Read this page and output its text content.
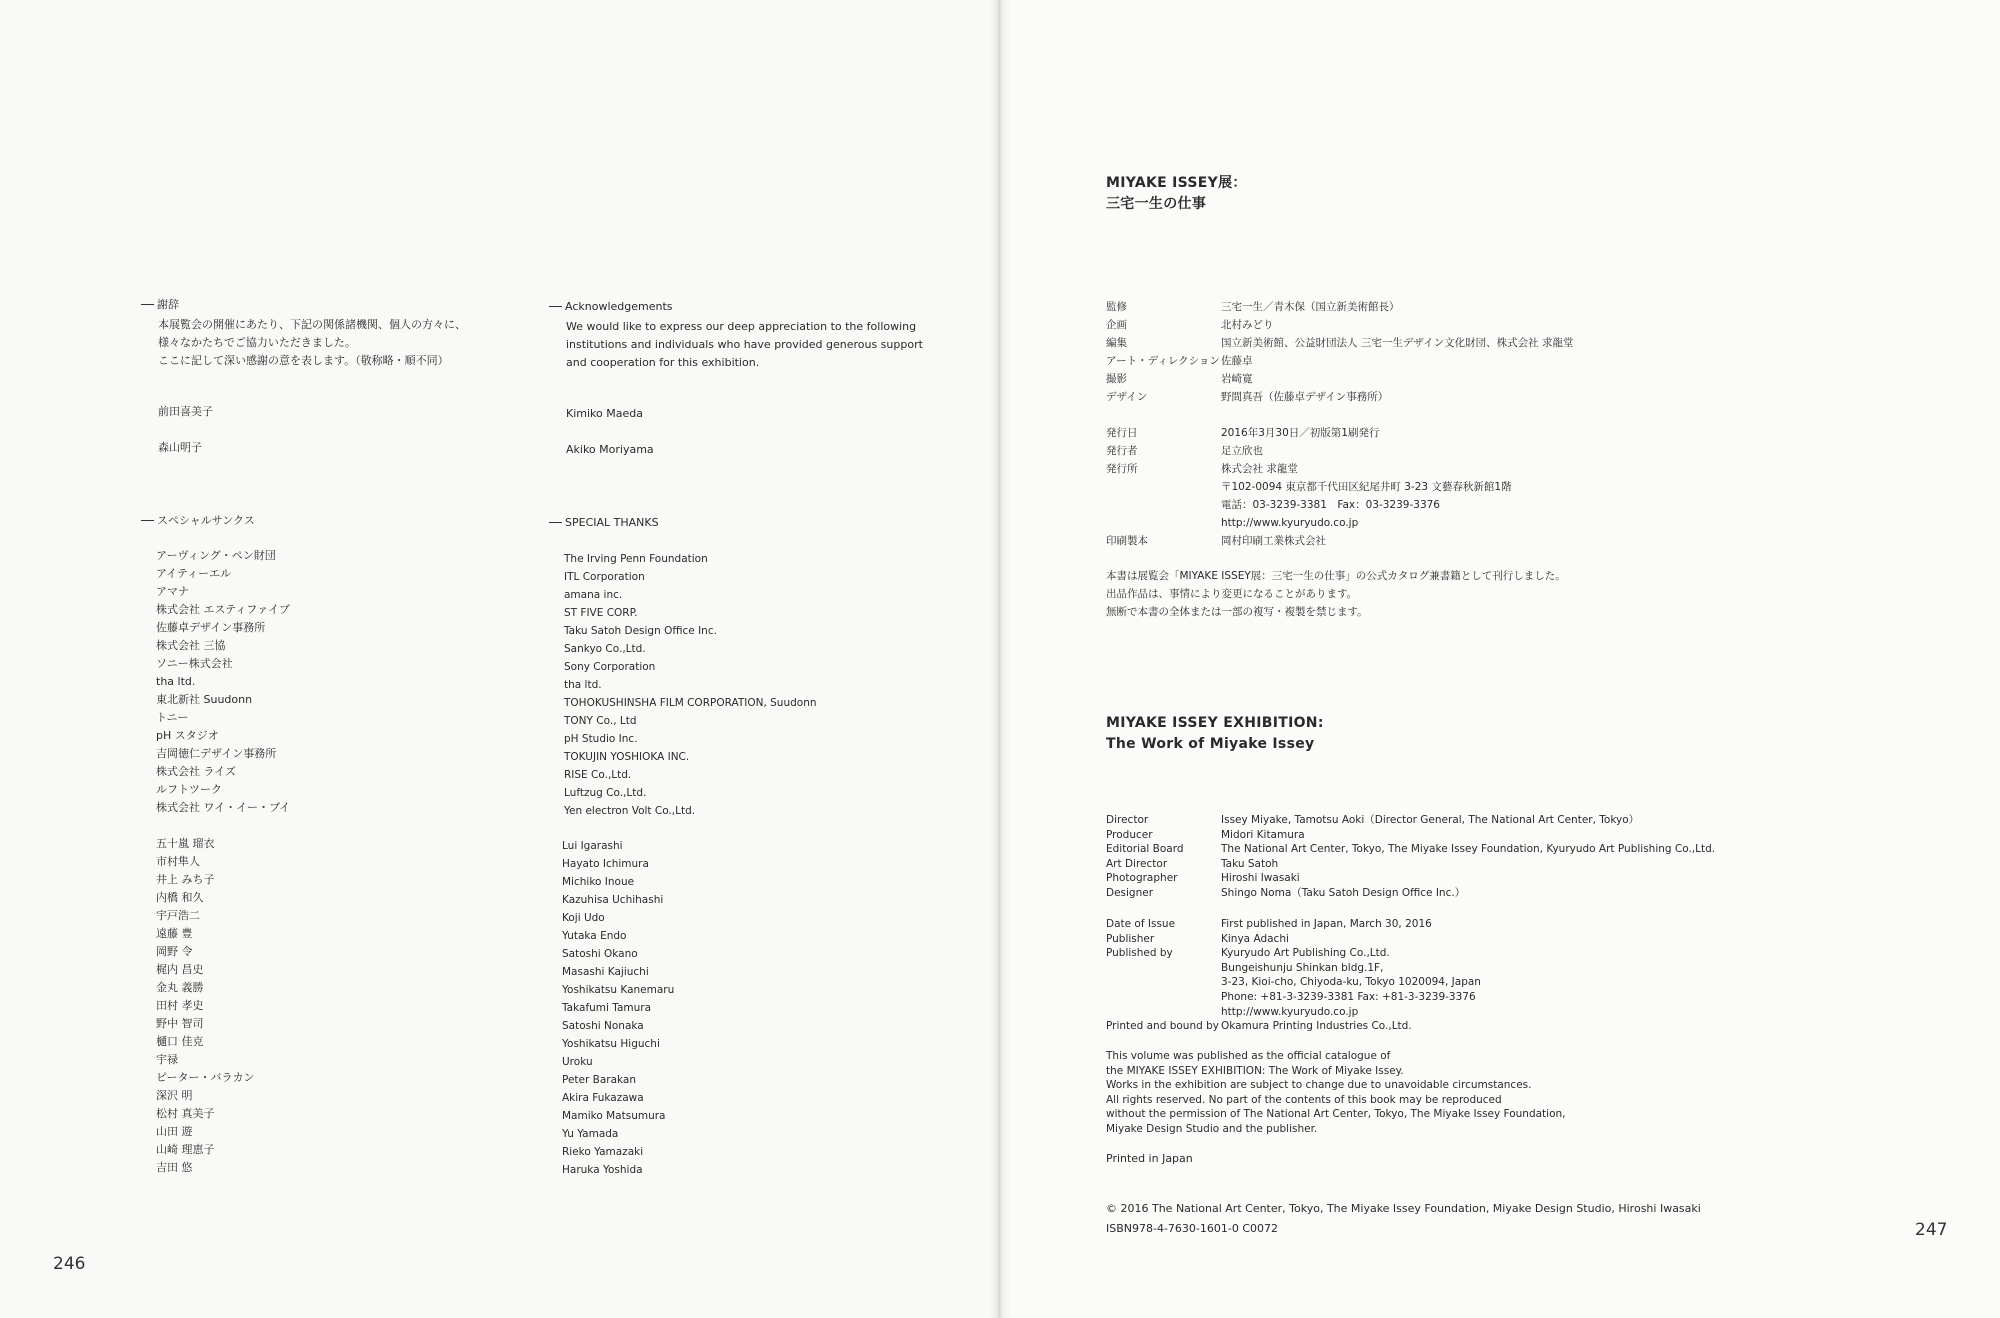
謝辞
本展覧会の開催にあたり、下記の関係諸機関、個人の方々に、
様々なかたちでご協力いただきました。
ここに記して深い感謝の意を表します。（敬称略・順不同）
前田喜美子
森山明子
Acknowledgements
We would like to express our deep appreciation to the following
institutions and individuals who have provided generous support
and cooperation for this exhibition.
Kimiko Maeda
Akiko Moriyama
スペシャルサンクス
アーヴィング・ペン財団
アイティーエル
アマナ
株式会社 エスティファイブ
佐藤卓デザイン事務所
株式会社 三協
ソニー株式会社
tha ltd.
東北新社 Suudonn
トニー
pH スタジオ
吉岡徳仁デザイン事務所
株式会社 ライズ
ルフトツーク
株式会社 ワイ・イー・ブイ
五十嵐 瑠衣
市村隼人
井上 みち子
内橋 和久
宇戸浩二
遠藤 豊
岡野 令
梶内 昌史
金丸 義勝
田村 孝史
野中 智司
樋口 佳克
宇禄
ピーター・バラカン
深沢 明
松村 真美子
山田 遊
山崎 理恵子
吉田 悠
SPECIAL THANKS
The Irving Penn Foundation
ITL Corporation
amana inc.
ST FIVE CORP.
Taku Satoh Design Office Inc.
Sankyo Co.,Ltd.
Sony Corporation
tha ltd.
TOHOKUSHINSHA FILM CORPORATION, Suudonn
TONY Co., Ltd
pH Studio Inc.
TOKUJIN YOSHIOKA INC.
RISE Co.,Ltd.
Luftzug Co.,Ltd.
Yen electron Volt Co.,Ltd.
Lui Igarashi
Hayato Ichimura
Michiko Inoue
Kazuhisa Uchihashi
Koji Udo
Yutaka Endo
Satoshi Okano
Masashi Kajiuchi
Yoshikatsu Kanemaru
Takafumi Tamura
Satoshi Nonaka
Yoshikatsu Higuchi
Uroku
Peter Barakan
Akira Fukazawa
Mamiko Matsumura
Yu Yamada
Rieko Yamazaki
Haruka Yoshida
246
MIYAKE ISSEY展：
三宅一生の仕事
監修	三宅一生／青木保（国立新美術館長）
企画	北村みどり
編集	国立新美術館、公益財団法人 三宅一生デザイン文化財団、株式会社 求龍堂
アート・ディレクション 佐藤卓
撮影	岩崎寛
デザイン	野間真吾（佐藤卓デザイン事務所）
発行日	2016年3月30日／初版第1刷発行
発行者	足立欣也
発行所	株式会社 求龍堂
〒102-0094 東京都千代田区紀尾井町 3-23 文藝春秋新館1階
電話：03-3239-3381　Fax：03-3239-3376
http://www.kyuryudo.co.jp
印刷製本	岡村印刷工業株式会社
本書は展覧会「MIYAKE ISSEY展：三宅一生の仕事」の公式カタログ兼書籍として刊行しました。
出品作品は、事情により変更になることがあります。
無断で本書の全体または一部の複写・複製を禁じます。
MIYAKE ISSEY EXHIBITION:
The Work of Miyake Issey
Director	Issey Miyake, Tamotsu Aoki（Director General, The National Art Center, Tokyo）
Producer	Midori Kitamura
Editorial Board	The National Art Center, Tokyo, The Miyake Issey Foundation, Kyuryudo Art Publishing Co.,Ltd.
Art Director	Taku Satoh
Photographer	Hiroshi Iwasaki
Designer	Shingo Noma（Taku Satoh Design Office Inc.）
Date of Issue	First published in Japan, March 30, 2016
Publisher	Kinya Adachi
Published by	Kyuryudo Art Publishing Co.,Ltd.
Bungeishunju Shinkan bldg.1F,
3-23, Kioi-cho, Chiyoda-ku, Tokyo 1020094, Japan
Phone: +81-3-3239-3381 Fax: +81-3-3239-3376
http://www.kyuryudo.co.jp
Printed and bound by Okamura Printing Industries Co.,Ltd.
This volume was published as the official catalogue of
the MIYAKE ISSEY EXHIBITION: The Work of Miyake Issey.
Works in the exhibition are subject to change due to unavoidable circumstances.
All rights reserved. No part of the contents of this book may be reproduced
without the permission of The National Art Center, Tokyo, The Miyake Issey Foundation,
Miyake Design Studio and the publisher.
Printed in Japan
© 2016 The National Art Center, Tokyo, The Miyake Issey Foundation, Miyake Design Studio, Hiroshi Iwasaki
ISBN978-4-7630-1601-0 C0072	247
